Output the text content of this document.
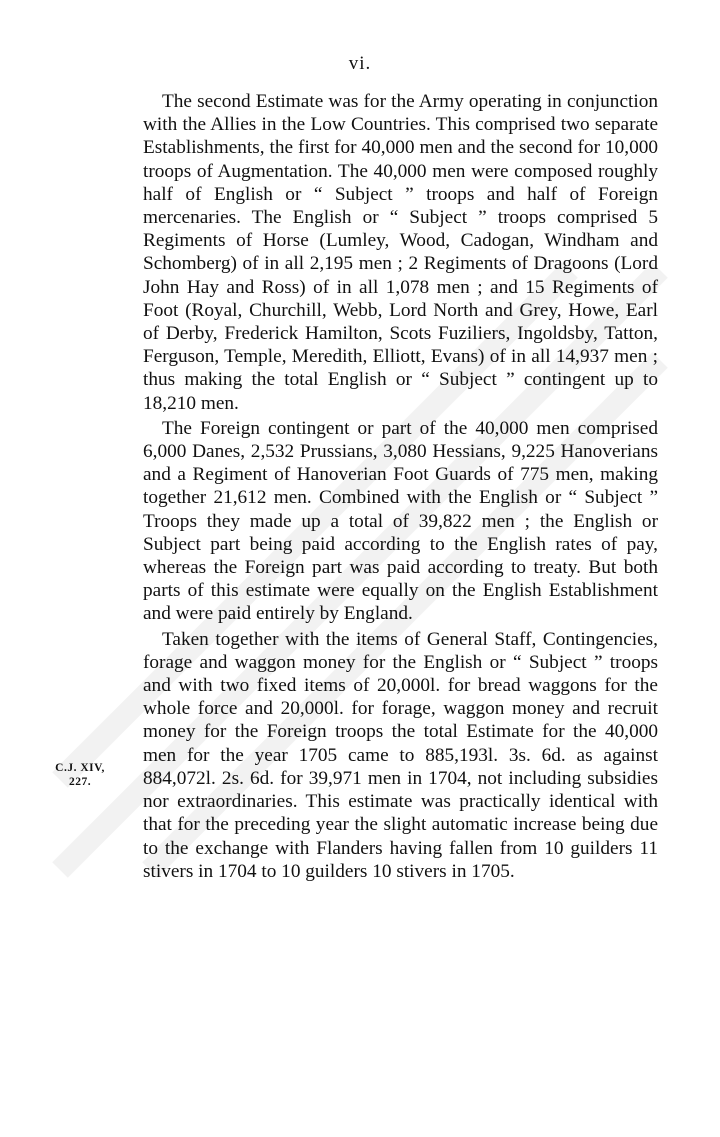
vi.
C.J. XIV,
227.

The second Estimate was for the Army operating in conjunction with the Allies in the Low Countries. This comprised two separate Establishments, the first for 40,000 men and the second for 10,000 troops of Augmentation. The 40,000 men were composed roughly half of English or “ Subject ” troops and half of Foreign mercenaries. The English or “ Subject ” troops comprised 5 Regiments of Horse (Lumley, Wood, Cadogan, Windham and Schomberg) of in all 2,195 men ; 2 Regiments of Dragoons (Lord John Hay and Ross) of in all 1,078 men ; and 15 Regiments of Foot (Royal, Churchill, Webb, Lord North and Grey, Howe, Earl of Derby, Frederick Hamilton, Scots Fuziliers, Ingoldsby, Tatton, Ferguson, Temple, Meredith, Elliott, Evans) of in all 14,937 men ; thus making the total English or “ Subject ” contingent up to 18,210 men.

The Foreign contingent or part of the 40,000 men comprised 6,000 Danes, 2,532 Prussians, 3,080 Hessians, 9,225 Hanoverians and a Regiment of Hanoverian Foot Guards of 775 men, making together 21,612 men. Combined with the English or “ Subject ” Troops they made up a total of 39,822 men ; the English or Subject part being paid according to the English rates of pay, whereas the Foreign part was paid according to treaty. But both parts of this estimate were equally on the English Establishment and were paid entirely by England.

Taken together with the items of General Staff, Contingencies, forage and waggon money for the English or “ Subject ” troops and with two fixed items of 20,000l. for bread waggons for the whole force and 20,000l. for forage, waggon money and recruit money for the Foreign troops the total Estimate for the 40,000 men for the year 1705 came to 885,193l. 3s. 6d. as against 884,072l. 2s. 6d. for 39,971 men in 1704, not including subsidies nor extraordinaries. This estimate was practically identical with that for the preceding year the slight automatic increase being due to the exchange with Flanders having fallen from 10 guilders 11 stivers in 1704 to 10 guilders 10 stivers in 1705.
